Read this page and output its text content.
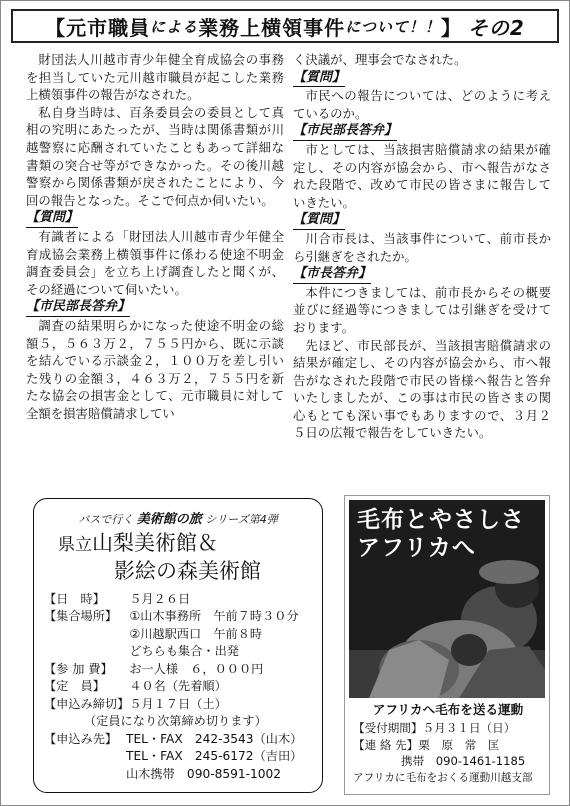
【 元市職員 による 業務上横領事件 について！！ 】 その2

財団法人川越市青少年健全育成協会の事務を担当していた元川越市職員が起こした業務上横領事件の報告がなされた。

私自身当時は、百条委員会の委員として真相の究明にあたったが、当時は関係書類が川越警察に応酬されていたこともあって詳細な書類の突合せ等ができなかった。その後川越警察から関係書類が戻されたことにより、今回の報告となった。そこで何点か伺いたい。

【質問】

有識者による「財団法人川越市青少年健全育成協会業務上横領事件に係わる使途不明金調査委員会」を立ち上げ調査したと聞くが、その経過について伺いたい。

【市民部長答弁】

調査の結果明らかになった使途不明金の総額５，５６３万２，７５５円から、既に示談を結んでいる示談金２，１００万を差し引いた残りの金額３，４６３万２，７５５円を新たな協会の損害金として、元市職員に対して全額を損害賠償請求してい

く決議が、理事会でなされた。

【質問】

市民への報告については、どのように考えているのか。

【市民部長答弁】

市としては、当該損害賠償請求の結果が確定し、その内容が協会から、市へ報告がなされた段階で、改めて市民の皆さまに報告していきたい。

【質問】

川合市長は、当該事件について、前市長から引継ぎをされたか。

【市長答弁】

本件につきましては、前市長からその概要並びに経過等につきましては引継ぎを受けております。

先ほど、市民部長が、当該損害賠償請求の結果が確定し、その内容が協会から、市へ報告がなされた段階で市民の皆様へ報告と答弁いたしましたが、この事は市民の皆さまの関心もとても深い事でもありますので、３月２５日の広報で報告をしていきたい。

バスで行く 美術館の旅 シリーズ第4弾
県立山梨美術館＆
影絵の森美術館
【日　時】	５月２６日
【集合場所】	①山木事務所　午前７時３０分
	②川越駅西口　午前８時
	どちらも集合・出発
【参 加 費】	お一人様　６，０００円
【定　員】	４０名（先着順）
【申込み締切】	５月１７日（土）
（定員になり次第締め切ります）
【申込み先】	TEL・FAX　242-3543（山木）
	TEL・FAX　245-6172（吉田）
	山木携帯　090-8591-1002
毛布とやさしさ
アフリカへ
アフリカへ毛布を送る運動
【受付期間】５月３１日（日）
【連 絡 先】栗　原　常　匡
携帯　090-1461-1185
アフリカに毛布をおくる運動川越支部
